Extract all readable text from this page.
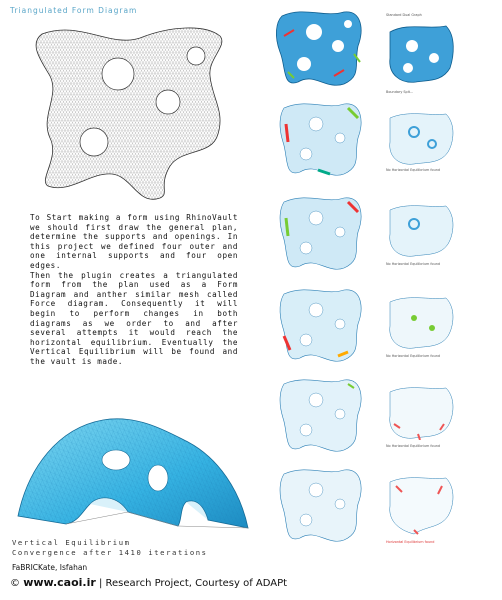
Triangulated Form Diagram

To Start making a form using RhinoVault we should first draw the general plan, determine the supports and openings. In this project we defined four outer and one internal supports and four open edges.

Then the plugin creates a triangulated form from the plan used as a Form Diagram and anther similar mesh called Force diagram. Consequently it will begin to perform changes in both diagrams as we order to and after several attempts it would reach the horizontal equilibrium. Eventually the Vertical Equilibrium will be found and the vault is made.

Vertical Equilibrium
Convergence after 1410 iterations
FaBRICKate, Isfahan
© www.caoi.ir | Research Project, Courtesy of ADAPt
Standard Dual Graph
Boundary Spit...
No Horizontal Equilibrium found
No Horizontal Equilibrium found
No Horizontal Equilibrium found
No Horizontal Equilibrium found
Horizontal Equilibrium found
